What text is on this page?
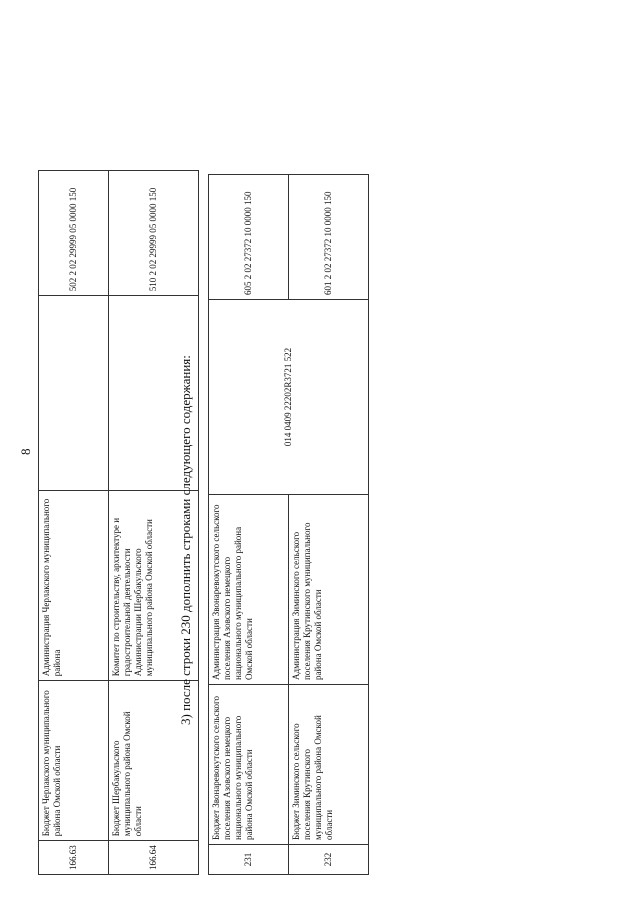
8
166.63	Бюджет Черлакского муниципального района Омской области	Администрация Черлакского муниципального района		502 2 02 29999 05 0000 150
166.64	Бюджет Шербакульского муниципального района Омской области	Комитет по строительству, архитектуре и градостроительной деятельности Администрации Шербакульского муниципального района Омской области		510 2 02 29999 05 0000 150
3) после строки 230 дополнить строками следующего содержания:
231	Бюджет Звонаревокутского сельского поселения Азовского немецкого национального муниципального района Омской области	Администрация Звонаревокутского сельского поселения Азовского немецкого национального муниципального района Омской области	014 0409 22202R3721 522	605 2 02 27372 10 0000 150
232	Бюджет Зиминского сельского поселения Крутинского муниципального района Омской области	Администрация Зиминского сельского поселения Крутинского муниципального района Омской области		601 2 02 27372 10 0000 150
